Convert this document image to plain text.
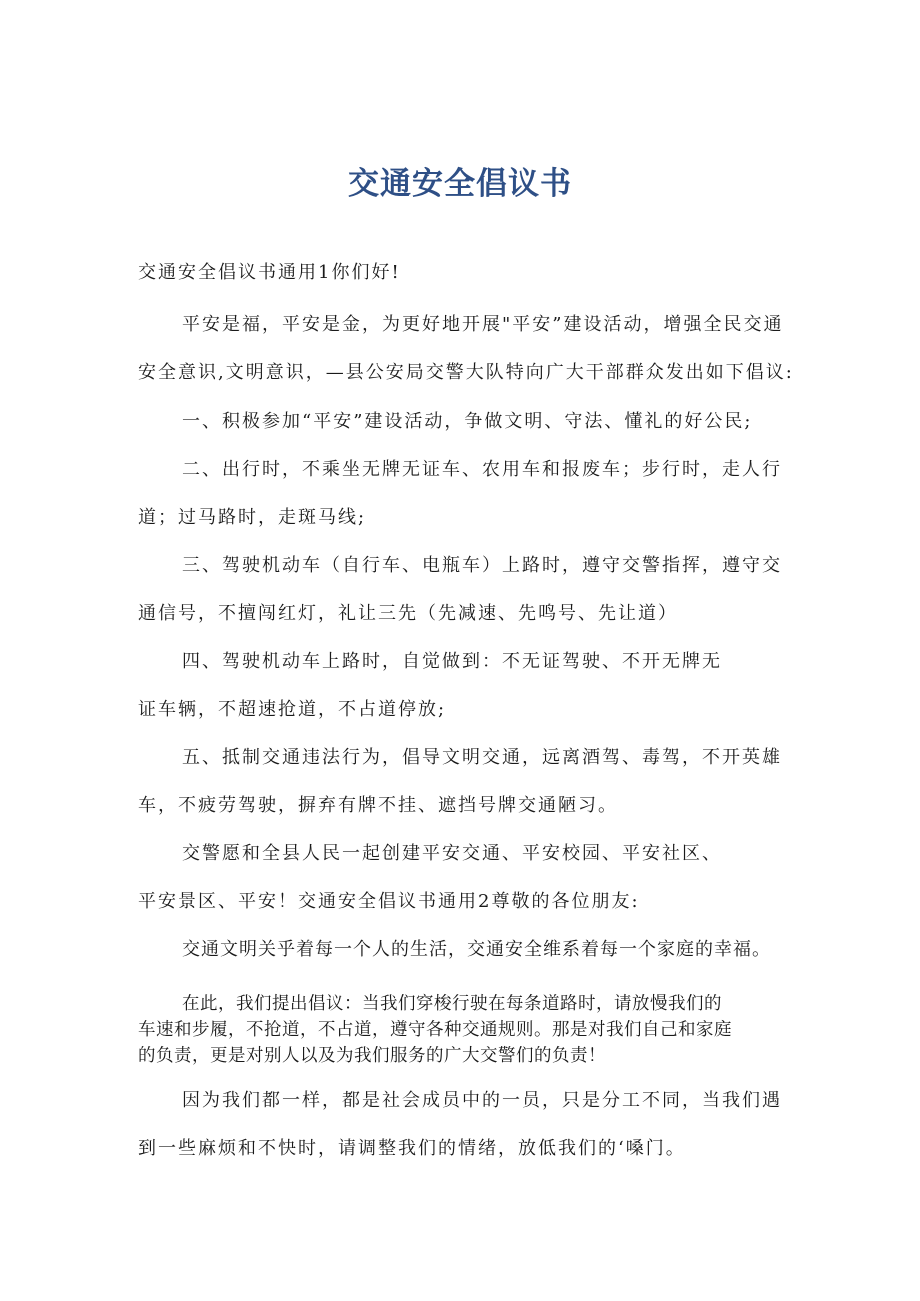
交通安全倡议书
交通安全倡议书通用1你们好!
平安是福，平安是金，为更好地开展"平安”建设活动，增强全民交通
安全意识,文明意识，—县公安局交警大队特向广大干部群众发出如下倡议:
一、积极参加“平安”建设活动，争做文明、守法、懂礼的好公民;
二、出行时，不乘坐无牌无证车、农用车和报废车；步行时，走人行
道；过马路时，走斑马线;
三、驾驶机动车（自行车、电瓶车）上路时，遵守交警指挥，遵守交
通信号，不擅闯红灯，礼让三先（先减速、先鸣号、先让道）
四、驾驶机动车上路时，自觉做到：不无证驾驶、不开无牌无
证车辆，不超速抢道，不占道停放;
五、抵制交通违法行为，倡导文明交通，远离酒驾、毒驾，不开英雄
车，不疲劳驾驶，摒弃有牌不挂、遮挡号牌交通陋习。
交警愿和全县人民一起创建平安交通、平安校园、平安社区、
平安景区、平安！交通安全倡议书通用2尊敬的各位朋友:
交通文明关乎着每一个人的生活，交通安全维系着每一个家庭的幸福。
在此，我们提出倡议：当我们穿梭行驶在每条道路时，请放慢我们的
车速和步履，不抢道，不占道，遵守各种交通规则。那是对我们自己和家庭
的负责，更是对别人以及为我们服务的广大交警们的负责！
因为我们都一样，都是社会成员中的一员，只是分工不同，当我们遇
到一些麻烦和不快时，请调整我们的情绪，放低我们的‘嗓门。
